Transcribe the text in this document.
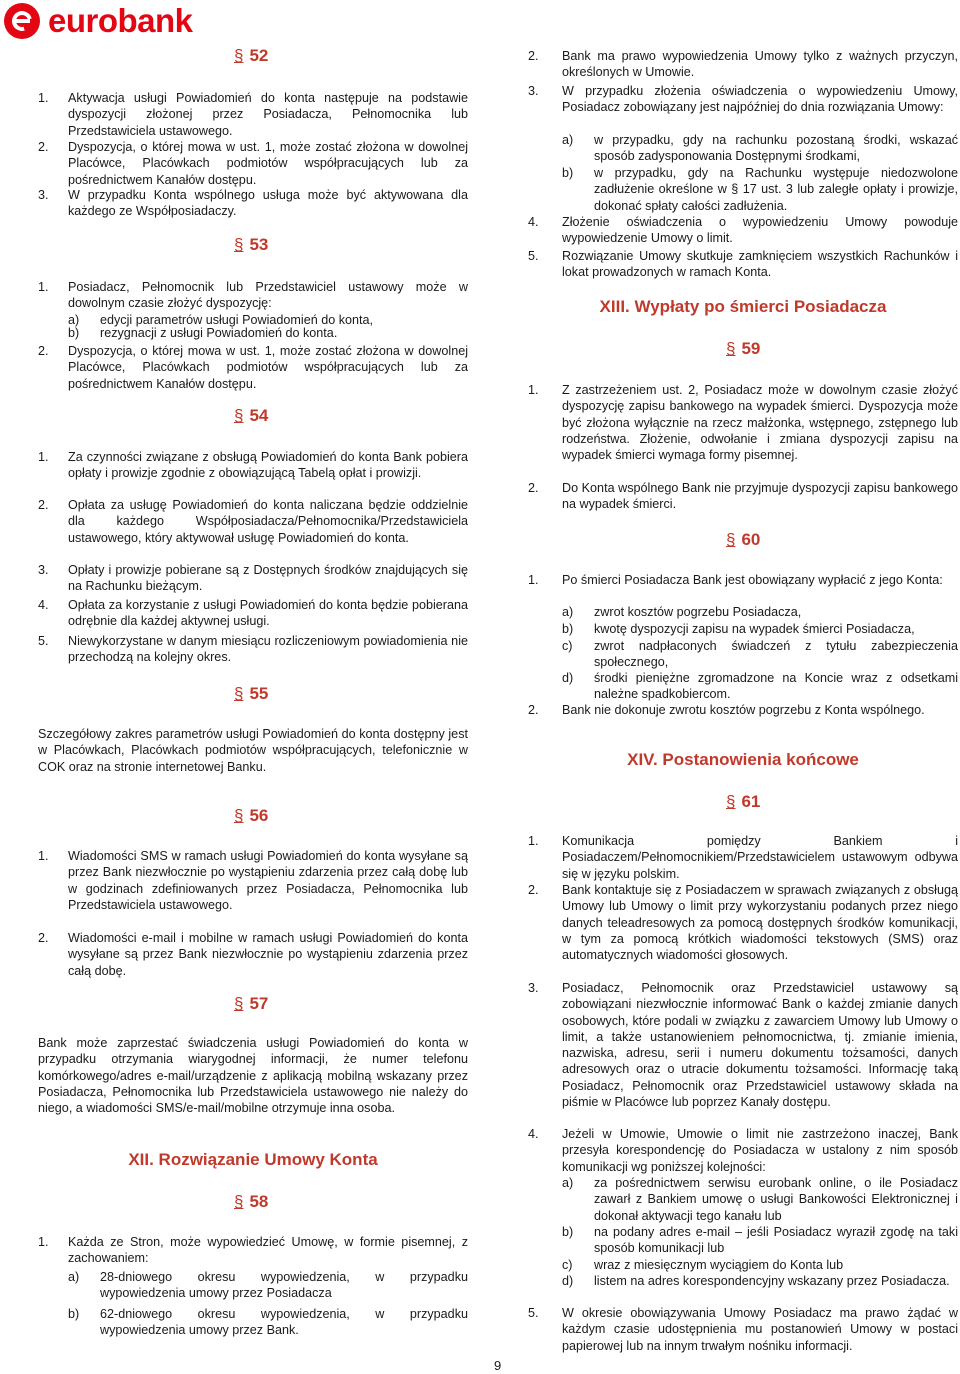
eurobank
§ 52
1. Aktywacja usługi Powiadomień do konta następuje na podstawie dyspozycji złożonej przez Posiadacza, Pełnomocnika lub Przedstawiciela ustawowego.
2. Dyspozycja, o której mowa w ust. 1, może zostać złożona w dowolnej Placówce, Placówkach podmiotów współpracujących lub za pośrednictwem Kanałów dostępu.
3. W przypadku Konta wspólnego usługa może być aktywowana dla każdego ze Współposiadaczy.
§ 53
1. Posiadacz, Pełnomocnik lub Przedstawiciel ustawowy może w dowolnym czasie złożyć dyspozycję:
a) edycji parametrów usługi Powiadomień do konta,
b) rezygnacji z usługi Powiadomień do konta.
2. Dyspozycja, o której mowa w ust. 1, może zostać złożona w dowolnej Placówce, Placówkach podmiotów współpracujących lub za pośrednictwem Kanałów dostępu.
§ 54
1. Za czynności związane z obsługą Powiadomień do konta Bank pobiera opłaty i prowizje zgodnie z obowiązującą Tabelą opłat i prowizji.
2. Opłata za usługę Powiadomień do konta naliczana będzie oddzielnie dla każdego Współposiadacza/Pełnomocnika/Przedstawiciela ustawowego, który aktywował usługę Powiadomień do konta.
3. Opłaty i prowizje pobierane są z Dostępnych środków znajdujących się na Rachunku bieżącym.
4. Opłata za korzystanie z usługi Powiadomień do konta będzie pobierana odrębnie dla każdej aktywnej usługi.
5. Niewykorzystane w danym miesiącu rozliczeniowym powiadomienia nie przechodzą na kolejny okres.
§ 55
Szczegółowy zakres parametrów usługi Powiadomień do konta dostępny jest w Placówkach, Placówkach podmiotów współpracujących, telefonicznie w COK oraz na stronie internetowej Banku.
§ 56
1. Wiadomości SMS w ramach usługi Powiadomień do konta wysyłane są przez Bank niezwłocznie po wystąpieniu zdarzenia przez całą dobę lub w godzinach zdefiniowanych przez Posiadacza, Pełnomocnika lub Przedstawiciela ustawowego.
2. Wiadomości e-mail i mobilne w ramach usługi Powiadomień do konta wysyłane są przez Bank niezwłocznie po wystąpieniu zdarzenia przez całą dobę.
§ 57
Bank może zaprzestać świadczenia usługi Powiadomień do konta w przypadku otrzymania wiarygodnej informacji, że numer telefonu komórkowego/adres e-mail/urządzenie z aplikacją mobilną wskazany przez Posiadacza, Pełnomocnika lub Przedstawiciela ustawowego nie należy do niego, a wiadomości SMS/e-mail/mobilne otrzymuje inna osoba.
XII. Rozwiązanie Umowy Konta
§ 58
1. Każda ze Stron, może wypowiedzieć Umowę, w formie pisemnej, z zachowaniem:
a) 28-dniowego okresu wypowiedzenia, w przypadku wypowiedzenia umowy przez Posiadacza
b) 62-dniowego okresu wypowiedzenia, w przypadku wypowiedzenia umowy przez Bank.
2. Bank ma prawo wypowiedzenia Umowy tylko z ważnych przyczyn, określonych w Umowie.
3. W przypadku złożenia oświadczenia o wypowiedzeniu Umowy, Posiadacz zobowiązany jest najpóźniej do dnia rozwiązania Umowy:
a) w przypadku, gdy na rachunku pozostaną środki, wskazać sposób zadysponowania Dostępnymi środkami,
b) w przypadku, gdy na Rachunku występuje niedozwolone zadłużenie określone w § 17 ust. 3 lub zaległe opłaty i prowizje, dokonać spłaty całości zadłużenia.
4. Złożenie oświadczenia o wypowiedzeniu Umowy powoduje wypowiedzenie Umowy o limit.
5. Rozwiązanie Umowy skutkuje zamknięciem wszystkich Rachunków i lokat prowadzonych w ramach Konta.
XIII. Wypłaty po śmierci Posiadacza
§ 59
1. Z zastrzeżeniem ust. 2, Posiadacz może w dowolnym czasie złożyć dyspozycję zapisu bankowego na wypadek śmierci. Dyspozycja może być złożona wyłącznie na rzecz małżonka, wstępnego, zstępnego lub rodzeństwa. Złożenie, odwołanie i zmiana dyspozycji zapisu na wypadek śmierci wymaga formy pisemnej.
2. Do Konta wspólnego Bank nie przyjmuje dyspozycji zapisu bankowego na wypadek śmierci.
§ 60
1. Po śmierci Posiadacza Bank jest obowiązany wypłacić z jego Konta:
a) zwrot kosztów pogrzebu Posiadacza,
b) kwotę dyspozycji zapisu na wypadek śmierci Posiadacza,
c) zwrot nadpłaconych świadczeń z tytułu zabezpieczenia społecznego,
d) środki pieniężne zgromadzone na Koncie wraz z odsetkami należne spadkobiercom.
2. Bank nie dokonuje zwrotu kosztów pogrzebu z Konta wspólnego.
XIV. Postanowienia końcowe
§ 61
1. Komunikacja pomiędzy Bankiem i Posiadaczem/Pełnomocnikiem/Przedstawicielem ustawowym odbywa się w języku polskim.
2. Bank kontaktuje się z Posiadaczem w sprawach związanych z obsługą Umowy lub Umowy o limit przy wykorzystaniu podanych przez niego danych teleadresowych za pomocą dostępnych środków komunikacji, w tym za pomocą krótkich wiadomości tekstowych (SMS) oraz automatycznych wiadomości głosowych.
3. Posiadacz, Pełnomocnik oraz Przedstawiciel ustawowy są zobowiązani niezwłocznie informować Bank o każdej zmianie danych osobowych, które podali w związku z zawarciem Umowy lub Umowy o limit, a także ustanowieniem pełnomocnictwa, tj. zmianie imienia, nazwiska, adresu, serii i numeru dokumentu tożsamości, danych adresowych oraz o utracie dokumentu tożsamości. Informację taką Posiadacz, Pełnomocnik oraz Przedstawiciel ustawowy składa na piśmie w Placówce lub poprzez Kanały dostępu.
4. Jeżeli w Umowie, Umowie o limit nie zastrzeżono inaczej, Bank przesyła korespondencję do Posiadacza w ustalony z nim sposób komunikacji wg poniższej kolejności:
a) za pośrednictwem serwisu eurobank online, o ile Posiadacz zawarł z Bankiem umowę o usługi Bankowości Elektronicznej i dokonał aktywacji tego kanału lub
b) na podany adres e-mail – jeśli Posiadacz wyraził zgodę na taki sposób komunikacji lub
c) wraz z miesięcznym wyciągiem do Konta lub
d) listem na adres korespondencyjny wskazany przez Posiadacza.
5. W okresie obowiązywania Umowy Posiadacz ma prawo żądać w każdym czasie udostępnienia mu postanowień Umowy w postaci papierowej lub na innym trwałym nośniku informacji.
9
